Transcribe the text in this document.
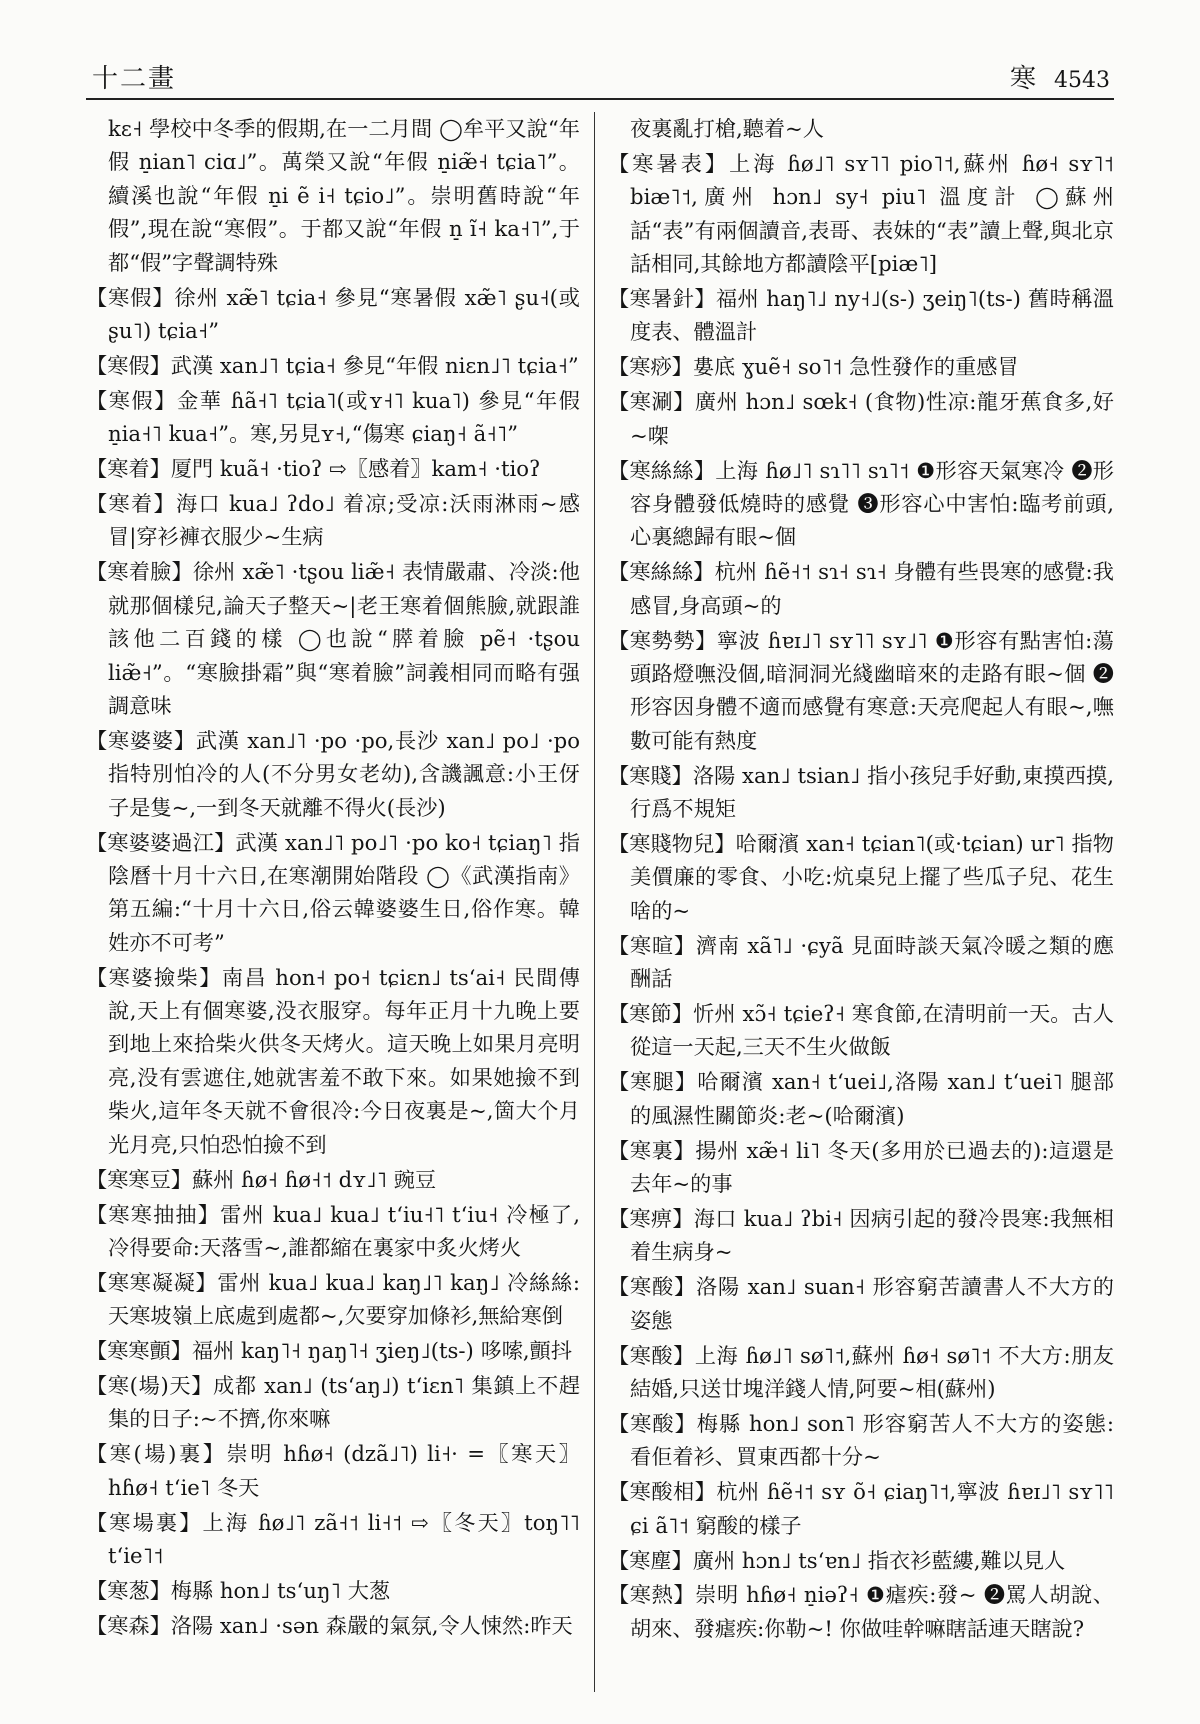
十二畫	寒 4543

kɛ˧ 學校中冬季的假期,在一二月間 ◯牟平又說“年假 n̠ian˥ ciɑ˩”。萬榮又說“年假 n̠iæ̃˧ tɕia˥”。續溪也說“年假 n̠i ẽ i˧ tɕio˩”。崇明舊時說“年假”,現在說“寒假”。于都又說“年假 n̠ ĩ˧ ka˧˥”,于都“假”字聲調特殊

【寒假】徐州 xæ̃˥ tɕia˧ 參見“寒暑假 xæ̃˥ ʂu˧(或 ʂu˥) tɕia˧”

【寒假】武漢 xan˩˥ tɕia˧ 參見“年假 niɛn˩˥ tɕia˧”

【寒假】金華 ɦã˧˥ tɕia˥(或ʏ˧˥ kua˥) 參見“年假 n̠ia˧˥ kua˧”。寒,另見ʏ˧,“傷寒 ɕiaŋ˧ ã˧˥”

【寒着】厦門 kuã˧ ·tioʔ ⇨〖感着〗kam˧ ·tioʔ

【寒着】海口 kua˩ ʔdo˩ 着凉;受凉:沃雨淋雨~感冒|穿衫褲衣服少~生病

【寒着臉】徐州 xæ̃˥ ·tʂou liæ̃˧ 表情嚴肅、冷淡:他就那個樣兒,論天子整天~|老王寒着個熊臉,就跟誰該他二百錢的樣 ◯也說“膵着臉 pẽ˧ ·tʂou liæ̃˧”。“寒臉掛霜”與“寒着臉”詞義相同而略有强調意味

【寒婆婆】武漢 xan˩˥ ·po ·po,長沙 xan˩ po˩ ·po 指特別怕冷的人(不分男女老幼),含譏諷意:小王伢子是隻~,一到冬天就離不得火(長沙)

【寒婆婆過江】武漢 xan˩˥ po˩˥ ·po ko˧ tɕiaŋ˥ 指陰曆十月十六日,在寒潮開始階段 ◯《武漢指南》第五編:“十月十六日,俗云韓婆婆生日,俗作寒。韓姓亦不可考”

【寒婆撿柴】南昌 hon˧ po˧ tɕiɛn˩ tsʻai˧ 民間傳說,天上有個寒婆,没衣服穿。每年正月十九晚上要到地上來拾柴火供冬天烤火。這天晚上如果月亮明亮,没有雲遮住,她就害羞不敢下來。如果她撿不到柴火,這年冬天就不會很冷:今日夜裏是~,箇大个月光月亮,只怕恐怕撿不到

【寒寒豆】蘇州 ɦø˧ ɦø˧˦ dʏ˩˥ 豌豆

【寒寒抽抽】雷州 kua˩ kua˩ tʻiu˧˥ tʻiu˧ 冷極了,冷得要命:天落雪~,誰都縮在裏家中炙火烤火

【寒寒凝凝】雷州 kua˩ kua˩ kaŋ˩˥ kaŋ˩ 冷絲絲:天寒坡嶺上底處到處都~,欠要穿加條衫,無給寒倒

【寒寒顫】福州 kaŋ˥˧ ŋaŋ˥˧ ʒieŋ˩(ts-) 哆嗦,顫抖

【寒(場)天】成都 xan˩ (tsʻaŋ˩) tʻiɛn˥ 集鎮上不趕集的日子:~不擠,你來嘛

【寒(場)裏】崇明 hɦø˧ (dzã˩˥) li˧· =〖寒天〗hɦø˧ tʻie˥ 冬天

【寒場裏】上海 ɦø˩˥ zã˧˦ li˧˦ ⇨〖冬天〗toŋ˥˥ tʻie˥˦

【寒葱】梅縣 hon˩ tsʻuŋ˥ 大葱

【寒森】洛陽 xan˩ ·sən 森嚴的氣氛,令人悚然:昨天

夜裏亂打槍,聽着~人

【寒暑表】上海 ɦø˩˥ sʏ˥˥ pio˥˦,蘇州 ɦø˧ sʏ˥˦ biæ˥˦,廣州 hɔn˩ sy˧ piu˥ 溫度計 ◯蘇州話“表”有兩個讀音,表哥、表妹的“表”讀上聲,與北京話相同,其餘地方都讀陰平[piæ˥]

【寒暑針】福州 haŋ˥˩ ny˧˩(s-) ʒeiŋ˥(ts-) 舊時稱溫度表、體溫計

【寒痧】婁底 ɣuẽ˧ so˥˦ 急性發作的重感冒

【寒涮】廣州 hɔn˩ sœk˧ (食物)性凉:龍牙蕉食多,好~㗎

【寒絲絲】上海 ɦø˩˥ sɿ˥˥ sɿ˥˦ ❶形容天氣寒冷 ❷形容身體發低燒時的感覺 ❸形容心中害怕:臨考前頭,心裏總歸有眼~個

【寒絲絲】杭州 ɦẽ˧˦ sɿ˧ sɿ˧ 身體有些畏寒的感覺:我感冒,身高頭~的

【寒勢勢】寧波 ɦɐɪ˩˥ sʏ˥˥ sʏ˩˥ ❶形容有點害怕:蕩頭路燈嘸没個,暗洞洞光綫幽暗來的走路有眼~個 ❷形容因身體不適而感覺有寒意:天亮爬起人有眼~,嘸數可能有熱度

【寒賤】洛陽 xan˩ tsian˩ 指小孩兒手好動,東摸西摸,行爲不規矩

【寒賤物兒】哈爾濱 xan˧ tɕian˥(或·tɕian) ur˥ 指物美價廉的零食、小吃:炕桌兒上擺了些瓜子兒、花生啥的~

【寒暄】濟南 xã˥˩ ·ɕyã 見面時談天氣冷暖之類的應酬話

【寒節】忻州 xɔ̃˧ tɕieʔ˧ 寒食節,在清明前一天。古人從這一天起,三天不生火做飯

【寒腿】哈爾濱 xan˧ tʻuei˩,洛陽 xan˩ tʻuei˥ 腿部的風濕性關節炎:老~(哈爾濱)

【寒裏】揚州 xæ̃˧ li˥ 冬天(多用於已過去的):這還是去年~的事

【寒痹】海口 kua˩ ʔbi˧ 因病引起的發冷畏寒:我無相着生病身~

【寒酸】洛陽 xan˩ suan˧ 形容窮苦讀書人不大方的姿態

【寒酸】上海 ɦø˩˥ sø˥˦,蘇州 ɦø˧ sø˥˦ 不大方:朋友結婚,只送廿塊洋錢人情,阿要~相(蘇州)

【寒酸】梅縣 hon˩ son˥ 形容窮苦人不大方的姿態:看佢着衫、買東西都十分~

【寒酸相】杭州 ɦẽ˧˦ sʏ õ˧ ɕiaŋ˥˦,寧波 ɦɐɪ˩˥ sʏ˥˥ ɕi ã˥˦ 窮酸的樣子

【寒塵】廣州 hɔn˩ tsʻɐn˩ 指衣衫藍縷,難以見人

【寒熱】崇明 hɦø˧ n̠iəʔ˧ ❶瘧疾:發~ ❷罵人胡說、胡來、發瘧疾:你勒~! 你做哇幹嘛瞎話連天瞎說?
